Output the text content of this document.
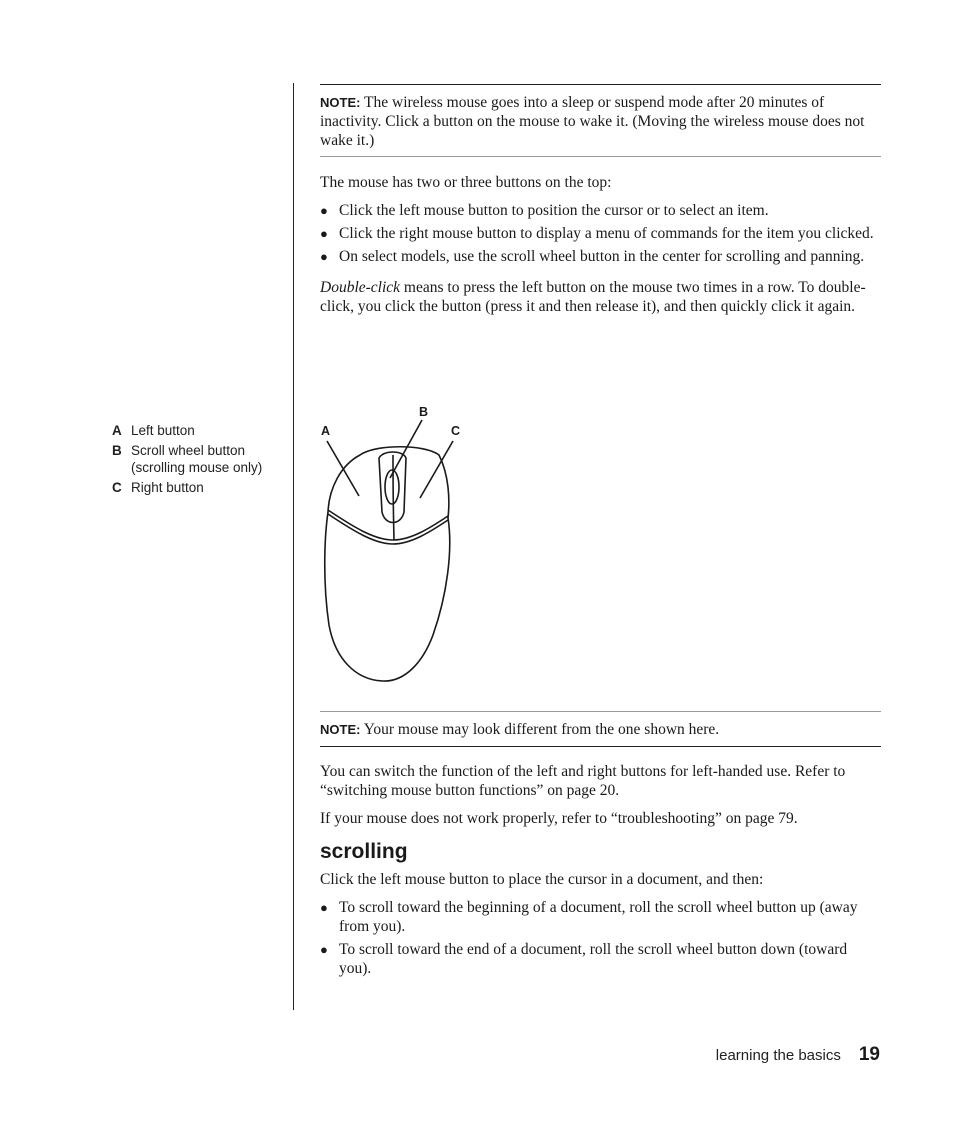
A Left button
B Scroll wheel button (scrolling mouse only)
C Right button
NOTE: The wireless mouse goes into a sleep or suspend mode after 20 minutes of inactivity. Click a button on the mouse to wake it. (Moving the wireless mouse does not wake it.)

The mouse has two or three buttons on the top:

● Click the left mouse button to position the cursor or to select an item.
● Click the right mouse button to display a menu of commands for the item you clicked.
● On select models, use the scroll wheel button in the center for scrolling and panning.

Double-click means to press the left button on the mouse two times in a row. To double-click, you click the button (press it and then release it), and then quickly click it again.

A
B
C
NOTE: Your mouse may look different from the one shown here.

You can switch the function of the left and right buttons for left-handed use. Refer to “switching mouse button functions” on page 20.

If your mouse does not work properly, refer to “troubleshooting” on page 79.

scrolling

Click the left mouse button to place the cursor in a document, and then:

● To scroll toward the beginning of a document, roll the scroll wheel button up (away from you).
● To scroll toward the end of a document, roll the scroll wheel button down (toward you).
learning the basics 19
